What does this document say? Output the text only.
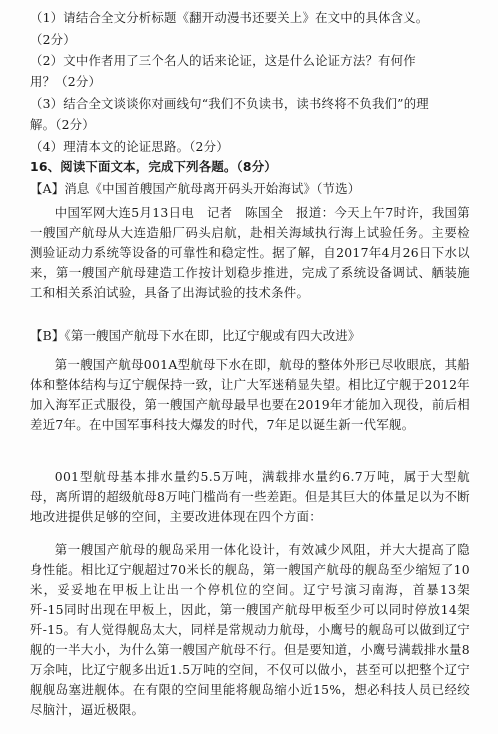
（1）请结合全文分析标题《翻开动漫书还要关上》在文中的具体含义。
（2分）
（2）文中作者用了三个名人的话来论证，这是什么论证方法？有何作
用？（2分）
（3）结合全文谈谈你对画线句“我们不负读书，读书终将不负我们”的理
解。（2分）
（4）理清本文的论证思路。（2分）
16、阅读下面文本，完成下列各题。（8分）
【A】消息《中国首艘国产航母离开码头开始海试》（节选）

中国军网大连5月13日电　记者　陈国全　报道：今天上午7时许，我国第一艘国产航母从大连造船厂码头启航，赴相关海域执行海上试验任务。主要检测验证动力系统等设备的可靠性和稳定性。据了解，自2017年4月26日下水以来，第一艘国产航母建造工作按计划稳步推进，完成了系统设备调试、舾装施工和相关系泊试验，具备了出海试验的技术条件。

【B】《第一艘国产航母下水在即，比辽宁舰或有四大改进》

第一艘国产航母001A型航母下水在即，航母的整体外形已尽收眼底，其船体和整体结构与辽宁舰保持一致，让广大军迷稍显失望。相比辽宁舰于2012年加入海军正式服役，第一艘国产航母最早也要在2019年才能加入现役，前后相差近7年。在中国军事科技大爆发的时代，7年足以诞生新一代军舰。

001型航母基本排水量约5.5万吨，满载排水量约6.7万吨，属于大型航母，离所谓的超级航母8万吨门槛尚有一些差距。但是其巨大的体量足以为不断地改进提供足够的空间，主要改进体现在四个方面：

第一艘国产航母的舰岛采用一体化设计，有效减少风阻，并大大提高了隐身性能。相比辽宁舰超过70米长的舰岛，第一艘国产航母的舰岛至少缩短了10米，妥妥地在甲板上让出一个停机位的空间。辽宁号演习南海，首暴13架歼-15同时出现在甲板上，因此，第一艘国产航母甲板至少可以同时停放14架歼-15。有人觉得舰岛太大，同样是常规动力航母，小鹰号的舰岛可以做到辽宁舰的一半大小，为什么第一艘国产航母不行。但是要知道，小鹰号满载排水量8万余吨，比辽宁舰多出近1.5万吨的空间，不仅可以做小，甚至可以把整个辽宁舰舰岛塞进舰体。在有限的空间里能将舰岛缩小近15%，想必科技人员已经绞尽脑汁，逼近极限。
